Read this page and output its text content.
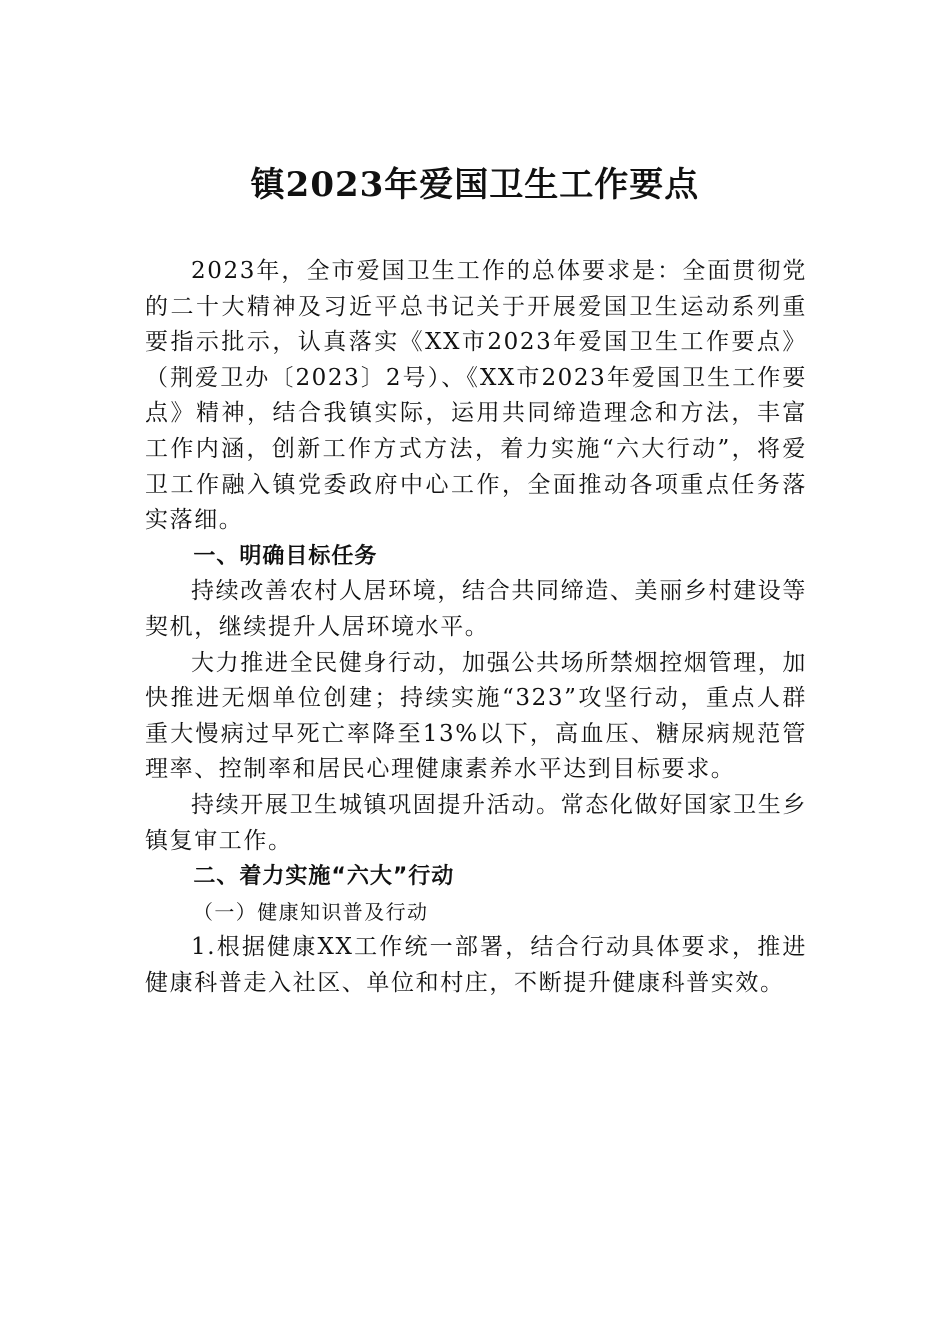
镇2023年爱国卫生工作要点

2023年，全市爱国卫生工作的总体要求是：全面贯彻党的二十大精神及习近平总书记关于开展爱国卫生运动系列重要指示批示，认真落实《XX市2023年爱国卫生工作要点》（荆爱卫办〔2023〕2号）、《XX市2023年爱国卫生工作要点》精神，结合我镇实际，运用共同缔造理念和方法，丰富工作内涵，创新工作方式方法，着力实施“六大行动”，将爱卫工作融入镇党委政府中心工作，全面推动各项重点任务落实落细。

一、明确目标任务

持续改善农村人居环境，结合共同缔造、美丽乡村建设等契机，继续提升人居环境水平。

大力推进全民健身行动，加强公共场所禁烟控烟管理，加快推进无烟单位创建；持续实施“323”攻坚行动，重点人群重大慢病过早死亡率降至13%以下，高血压、糖尿病规范管理率、控制率和居民心理健康素养水平达到目标要求。

持续开展卫生城镇巩固提升活动。常态化做好国家卫生乡镇复审工作。

二、着力实施“六大”行动

（一）健康知识普及行动

1.根据健康XX工作统一部署，结合行动具体要求，推进健康科普走入社区、单位和村庄，不断提升健康科普实效。
